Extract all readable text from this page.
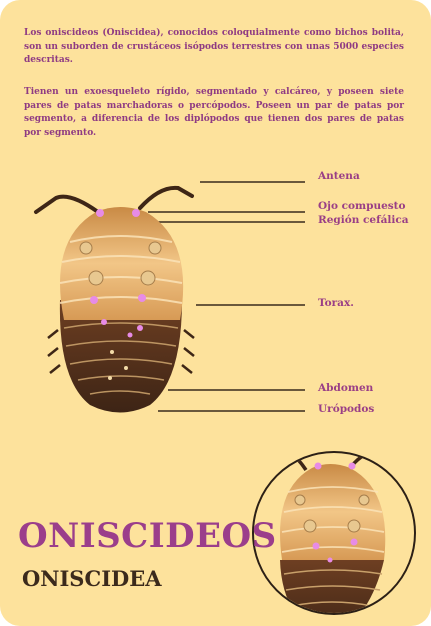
Los oniscideos (Oniscidea), conocidos coloquialmente como bichos bolita, son un suborden de crustáceos isópodos terrestres con unas 5000 especies descritas.

Tienen un exoesqueleto rígido, segmentado y calcáreo, y poseen siete pares de patas marchadoras o percópodos. Poseen un par de patas por segmento, a diferencia de los diplópodos que tienen dos pares de patas por segmento.

Antena
Ojo compuesto
Región cefálica
Torax.
Abdomen
Urópodos
ONISCIDEOS
ONISCIDEA
